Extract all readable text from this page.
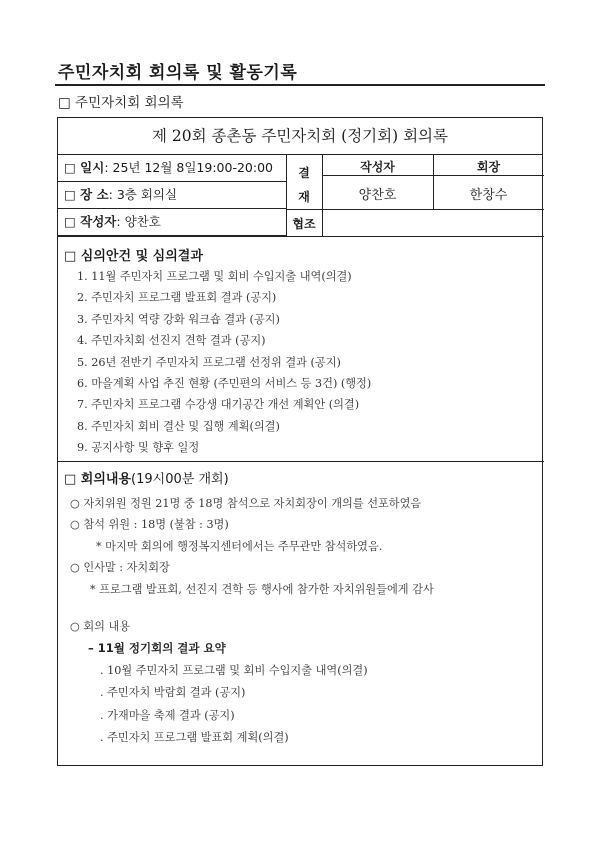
주민자치회 회의록 및 활동기록
□ 주민자치회 회의록
제 20회 종촌동 주민자치회 (정기회) 회의록
□ 일시: 25년 12월 8일19:00-20:00
□ 장 소: 3층 회의실
□ 작성자: 양찬호
결
재
작성자	회장
양찬호	한창수
협조
□ 심의안건 및 심의결과
1. 11월 주민자치 프로그램 및 회비 수입지출 내역(의결)
2. 주민자치 프로그램 발표회 결과 (공지)
3. 주민자치 역량 강화 워크숍 결과 (공지)
4. 주민자치회 선진지 견학 결과 (공지)
5. 26년 전반기 주민자치 프로그램 선정위 결과 (공지)
6. 마을계획 사업 추진 현황 (주민편의 서비스 등 3건) (행정)
7. 주민자치 프로그램 수강생 대기공간 개선 계획안 (의결)
8. 주민자치 회비 결산 및 집행 계획(의결)
9. 공지사항 및 향후 일정
□ 회의내용(19시00분 개회)
○ 자치위원 정원 21명 중 18명 참석으로 자치회장이 개의를 선포하였음
○ 참석 위원 : 18명 (불참 : 3명)
* 마지막 회의에 행정복지센터에서는 주무관만 참석하였음.
○ 인사말 : 자치회장
* 프로그램 발표회, 선진지 견학 등 행사에 참가한 자치위원들에게 감사
○ 회의 내용
– 11월 정기회의 결과 요약
. 10월 주민자치 프로그램 및 회비 수입지출 내역(의결)
. 주민자치 박람회 결과 (공지)
. 가재마을 축제 결과 (공지)
. 주민자치 프로그램 발표회 계획(의결)
